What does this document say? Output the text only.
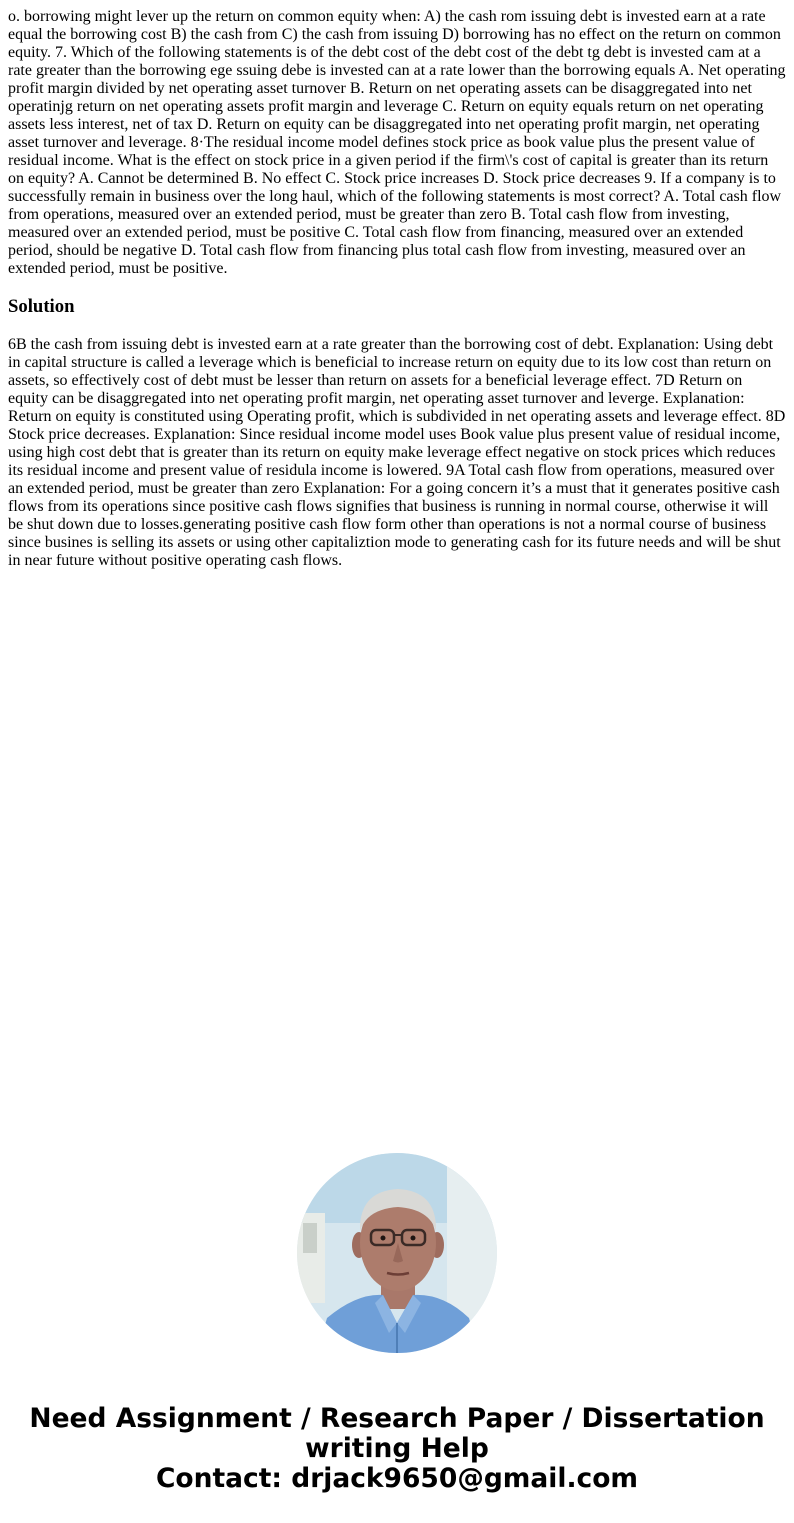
o. borrowing might lever up the return on common equity when: A) the cash rom issuing debt is invested earn at a rate equal the borrowing cost B) the cash from C) the cash from issuing D) borrowing has no effect on the return on common equity. 7. Which of the following statements is of the debt cost of the debt cost of the debt tg debt is invested cam at a rate greater than the borrowing ege ssuing debe is invested can at a rate lower than the borrowing equals A. Net operating profit margin divided by net operating asset turnover B. Return on net operating assets can be disaggregated into net operatinjg return on net operating assets profit margin and leverage C. Return on equity equals return on net operating assets less interest, net of tax D. Return on equity can be disaggregated into net operating profit margin, net operating asset turnover and leverage. 8·The residual income model defines stock price as book value plus the present value of residual income. What is the effect on stock price in a given period if the firm\'s cost of capital is greater than its return on equity? A. Cannot be determined B. No effect C. Stock price increases D. Stock price decreases 9. If a company is to successfully remain in business over the long haul, which of the following statements is most correct? A. Total cash flow from operations, measured over an extended period, must be greater than zero B. Total cash flow from investing, measured over an extended period, must be positive C. Total cash flow from financing, measured over an extended period, should be negative D. Total cash flow from financing plus total cash flow from investing, measured over an extended period, must be positive.

Solution

6B the cash from issuing debt is invested earn at a rate greater than the borrowing cost of debt. Explanation: Using debt in capital structure is called a leverage which is beneficial to increase return on equity due to its low cost than return on assets, so effectively cost of debt must be lesser than return on assets for a beneficial leverage effect. 7D Return on equity can be disaggregated into net operating profit margin, net operating asset turnover and leverge. Explanation: Return on equity is constituted using Operating profit, which is subdivided in net operating assets and leverage effect. 8D Stock price decreases. Explanation: Since residual income model uses Book value plus present value of residual income, using high cost debt that is greater than its return on equity make leverage effect negative on stock prices which reduces its residual income and present value of residula income is lowered. 9A Total cash flow from operations, measured over an extended period, must be greater than zero Explanation: For a going concern it’s a must that it generates positive cash flows from its operations since positive cash flows signifies that business is running in normal course, otherwise it will be shut down due to losses.generating positive cash flow form other than operations is not a normal course of business since busines is selling its assets or using other capitaliztion mode to generating cash for its future needs and will be shut in near future without positive operating cash flows.

Need Assignment / Research Paper / Dissertation
writing Help
Contact: drjack9650@gmail.com
